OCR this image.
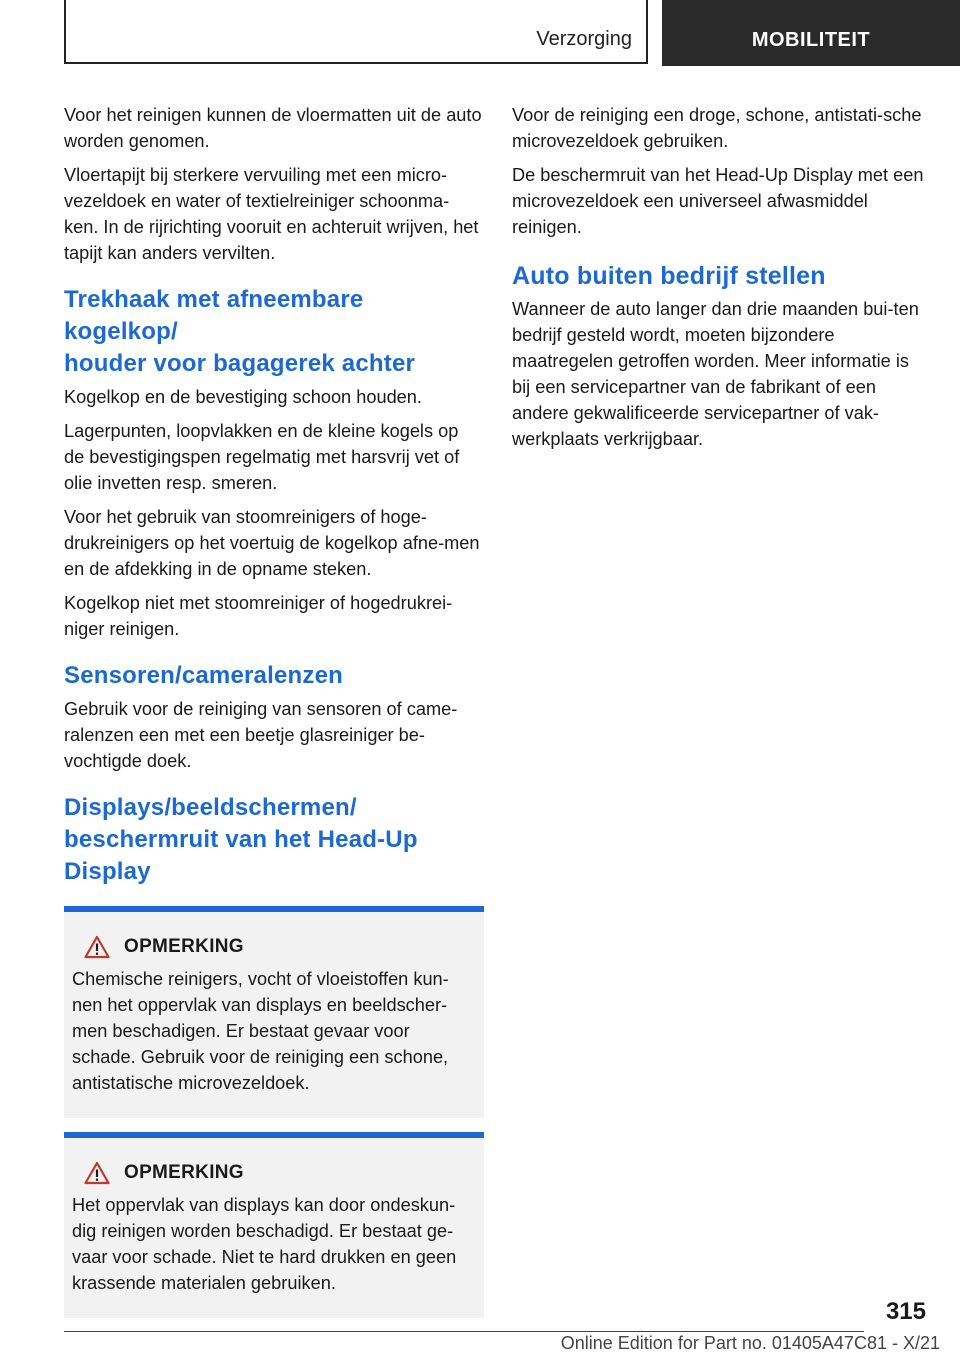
Verzorging	MOBILITEIT

Voor het reinigen kunnen de vloermatten uit de auto worden genomen.

Vloertapijt bij sterkere vervuiling met een micro-vezeldoek en water of textielreiniger schoonma-ken. In de rijrichting vooruit en achteruit wrijven, het tapijt kan anders vervilten.

Trekhaak met afneembare kogelkop/
houder voor bagagerek achter

Kogelkop en de bevestiging schoon houden.

Lagerpunten, loopvlakken en de kleine kogels op de bevestigingspen regelmatig met harsvrij vet of olie invetten resp. smeren.

Voor het gebruik van stoomreinigers of hoge-drukreinigers op het voertuig de kogelkop afne-men en de afdekking in de opname steken.

Kogelkop niet met stoomreiniger of hogedrukrei-niger reinigen.

Sensoren/cameralenzen

Gebruik voor de reiniging van sensoren of came-ralenzen een met een beetje glasreiniger be-vochtigde doek.

Displays/beeldschermen/
beschermruit van het Head-Up
Display
OPMERKING

Chemische reinigers, vocht of vloeistoffen kun-nen het oppervlak van displays en beeldscher-men beschadigen. Er bestaat gevaar voor schade. Gebruik voor de reiniging een schone, antistatische microvezeldoek.

OPMERKING

Het oppervlak van displays kan door ondeskun-dig reinigen worden beschadigd. Er bestaat ge-vaar voor schade. Niet te hard drukken en geen krassende materialen gebruiken.

Voor de reiniging een droge, schone, antistati-sche microvezeldoek gebruiken.

De beschermruit van het Head-Up Display met een microvezeldoek een universeel afwasmiddel reinigen.

Auto buiten bedrijf stellen

Wanneer de auto langer dan drie maanden bui-ten bedrijf gesteld wordt, moeten bijzondere maatregelen getroffen worden. Meer informatie is bij een servicepartner van de fabrikant of een andere gekwalificeerde servicepartner of vak-werkplaats verkrijgbaar.

315
Online Edition for Part no. 01405A47C81 - X/21
